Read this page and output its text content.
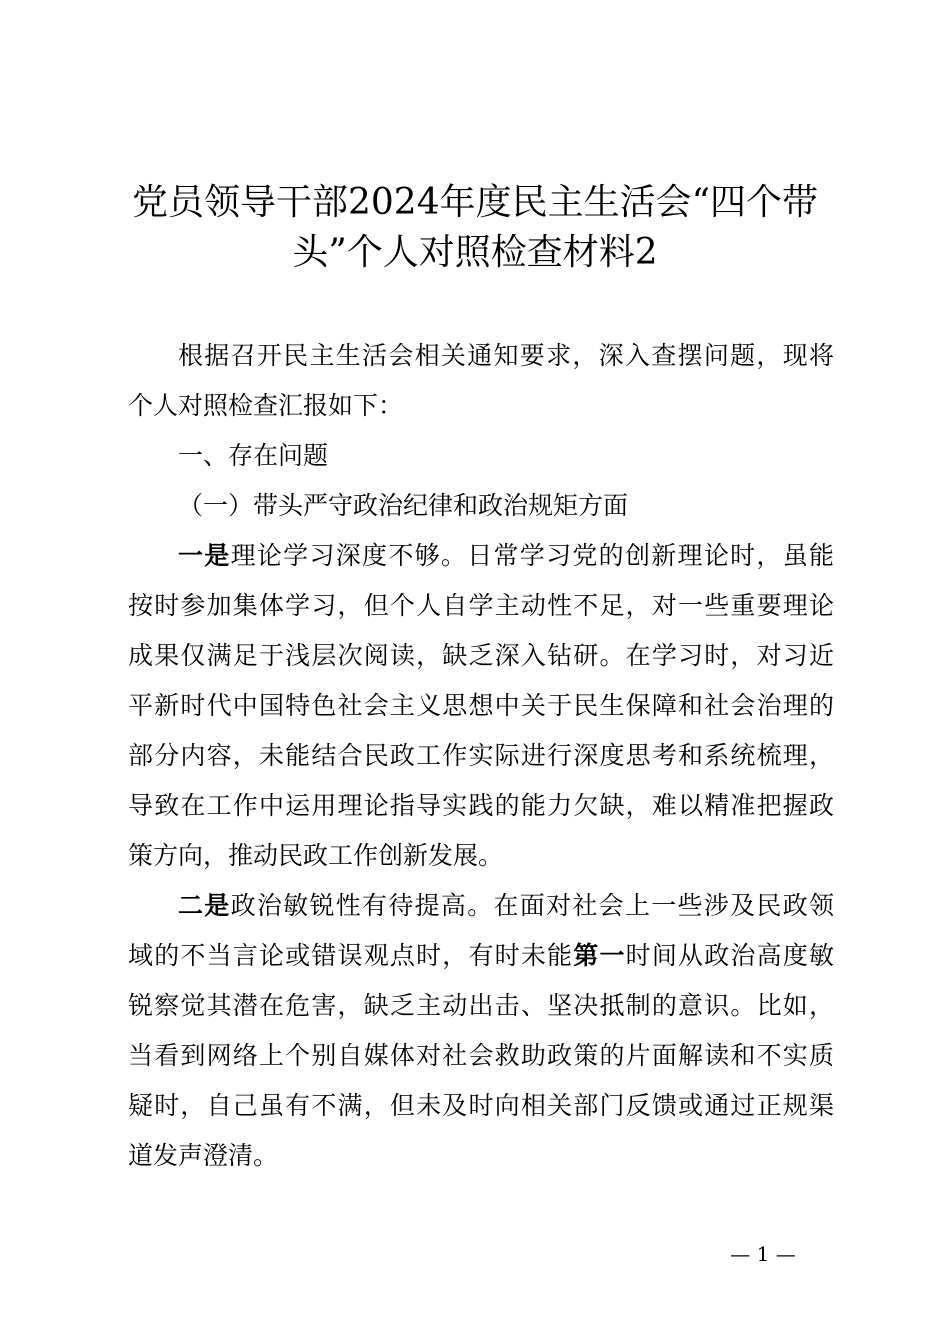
党员领导干部2024年度民主生活会“四个带
头”个人对照检查材料2
根据召开民主生活会相关通知要求，深入查摆问题，现将
个人对照检查汇报如下：
一、存在问题
（一）带头严守政治纪律和政治规矩方面
一是理论学习深度不够。日常学习党的创新理论时，虽能
按时参加集体学习，但个人自学主动性不足，对一些重要理论
成果仅满足于浅层次阅读，缺乏深入钻研。在学习时，对习近
平新时代中国特色社会主义思想中关于民生保障和社会治理的
部分内容，未能结合民政工作实际进行深度思考和系统梳理，
导致在工作中运用理论指导实践的能力欠缺，难以精准把握政
策方向，推动民政工作创新发展。
二是政治敏锐性有待提高。在面对社会上一些涉及民政领
域的不当言论或错误观点时，有时未能第一时间从政治高度敏
锐察觉其潜在危害，缺乏主动出击、坚决抵制的意识。比如，
当看到网络上个别自媒体对社会救助政策的片面解读和不实质
疑时，自己虽有不满，但未及时向相关部门反馈或通过正规渠
道发声澄清。
— 1 —
